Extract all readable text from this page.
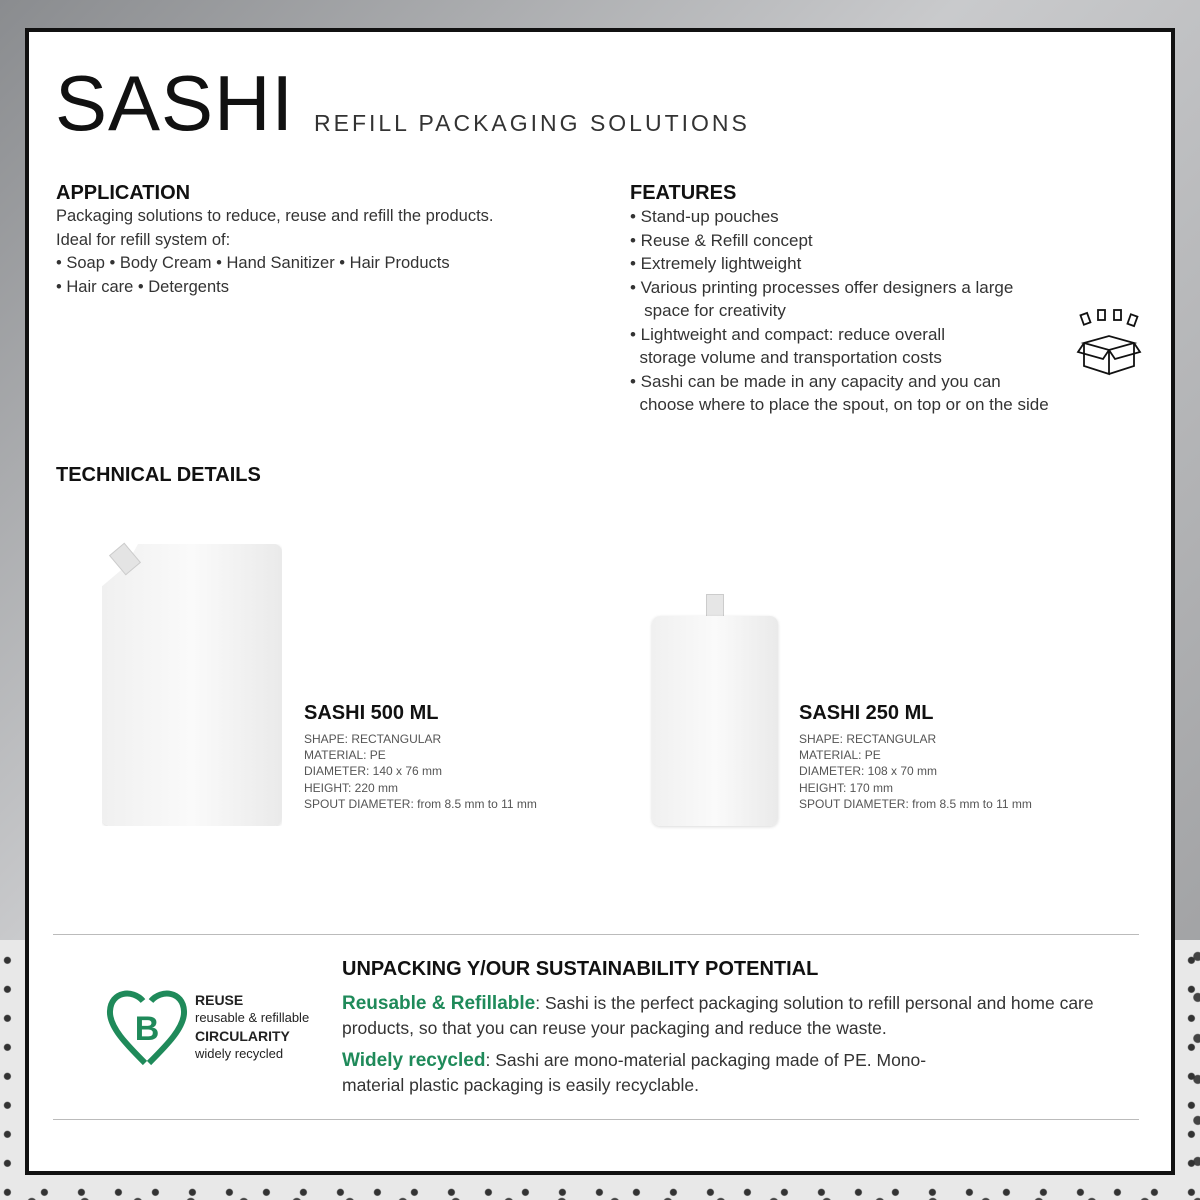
SASHI REFILL PACKAGING SOLUTIONS
APPLICATION
Packaging solutions to reduce, reuse and refill the products.
Ideal for refill system of:
• Soap • Body Cream • Hand Sanitizer • Hair Products
• Hair care • Detergents
FEATURES
• Stand-up pouches
• Reuse & Refill concept
• Extremely lightweight
• Various printing processes offer designers a large
space for creativity
• Lightweight and compact: reduce overall
storage volume and transportation costs
• Sashi can be made in any capacity and you can
choose where to place the spout, on top or on the side
TECHNICAL DETAILS
SASHI 500 ML
SHAPE: RECTANGULAR
MATERIAL: PE
DIAMETER: 140 x 76 mm
HEIGHT: 220 mm
SPOUT DIAMETER: from 8.5 mm to 11 mm
SASHI 250 ML
SHAPE: RECTANGULAR
MATERIAL: PE
DIAMETER: 108 x 70 mm
HEIGHT: 170 mm
SPOUT DIAMETER: from 8.5 mm to 11 mm
B
REUSE
reusable & refillable
CIRCULARITY
widely recycled
UNPACKING Y/OUR SUSTAINABILITY POTENTIAL

Reusable & Refillable: Sashi is the perfect packaging solution to refill personal and home care products, so that you can reuse your packaging and reduce the waste.

Widely recycled: Sashi are mono-material packaging made of PE. Mono-material plastic packaging is easily recyclable.
